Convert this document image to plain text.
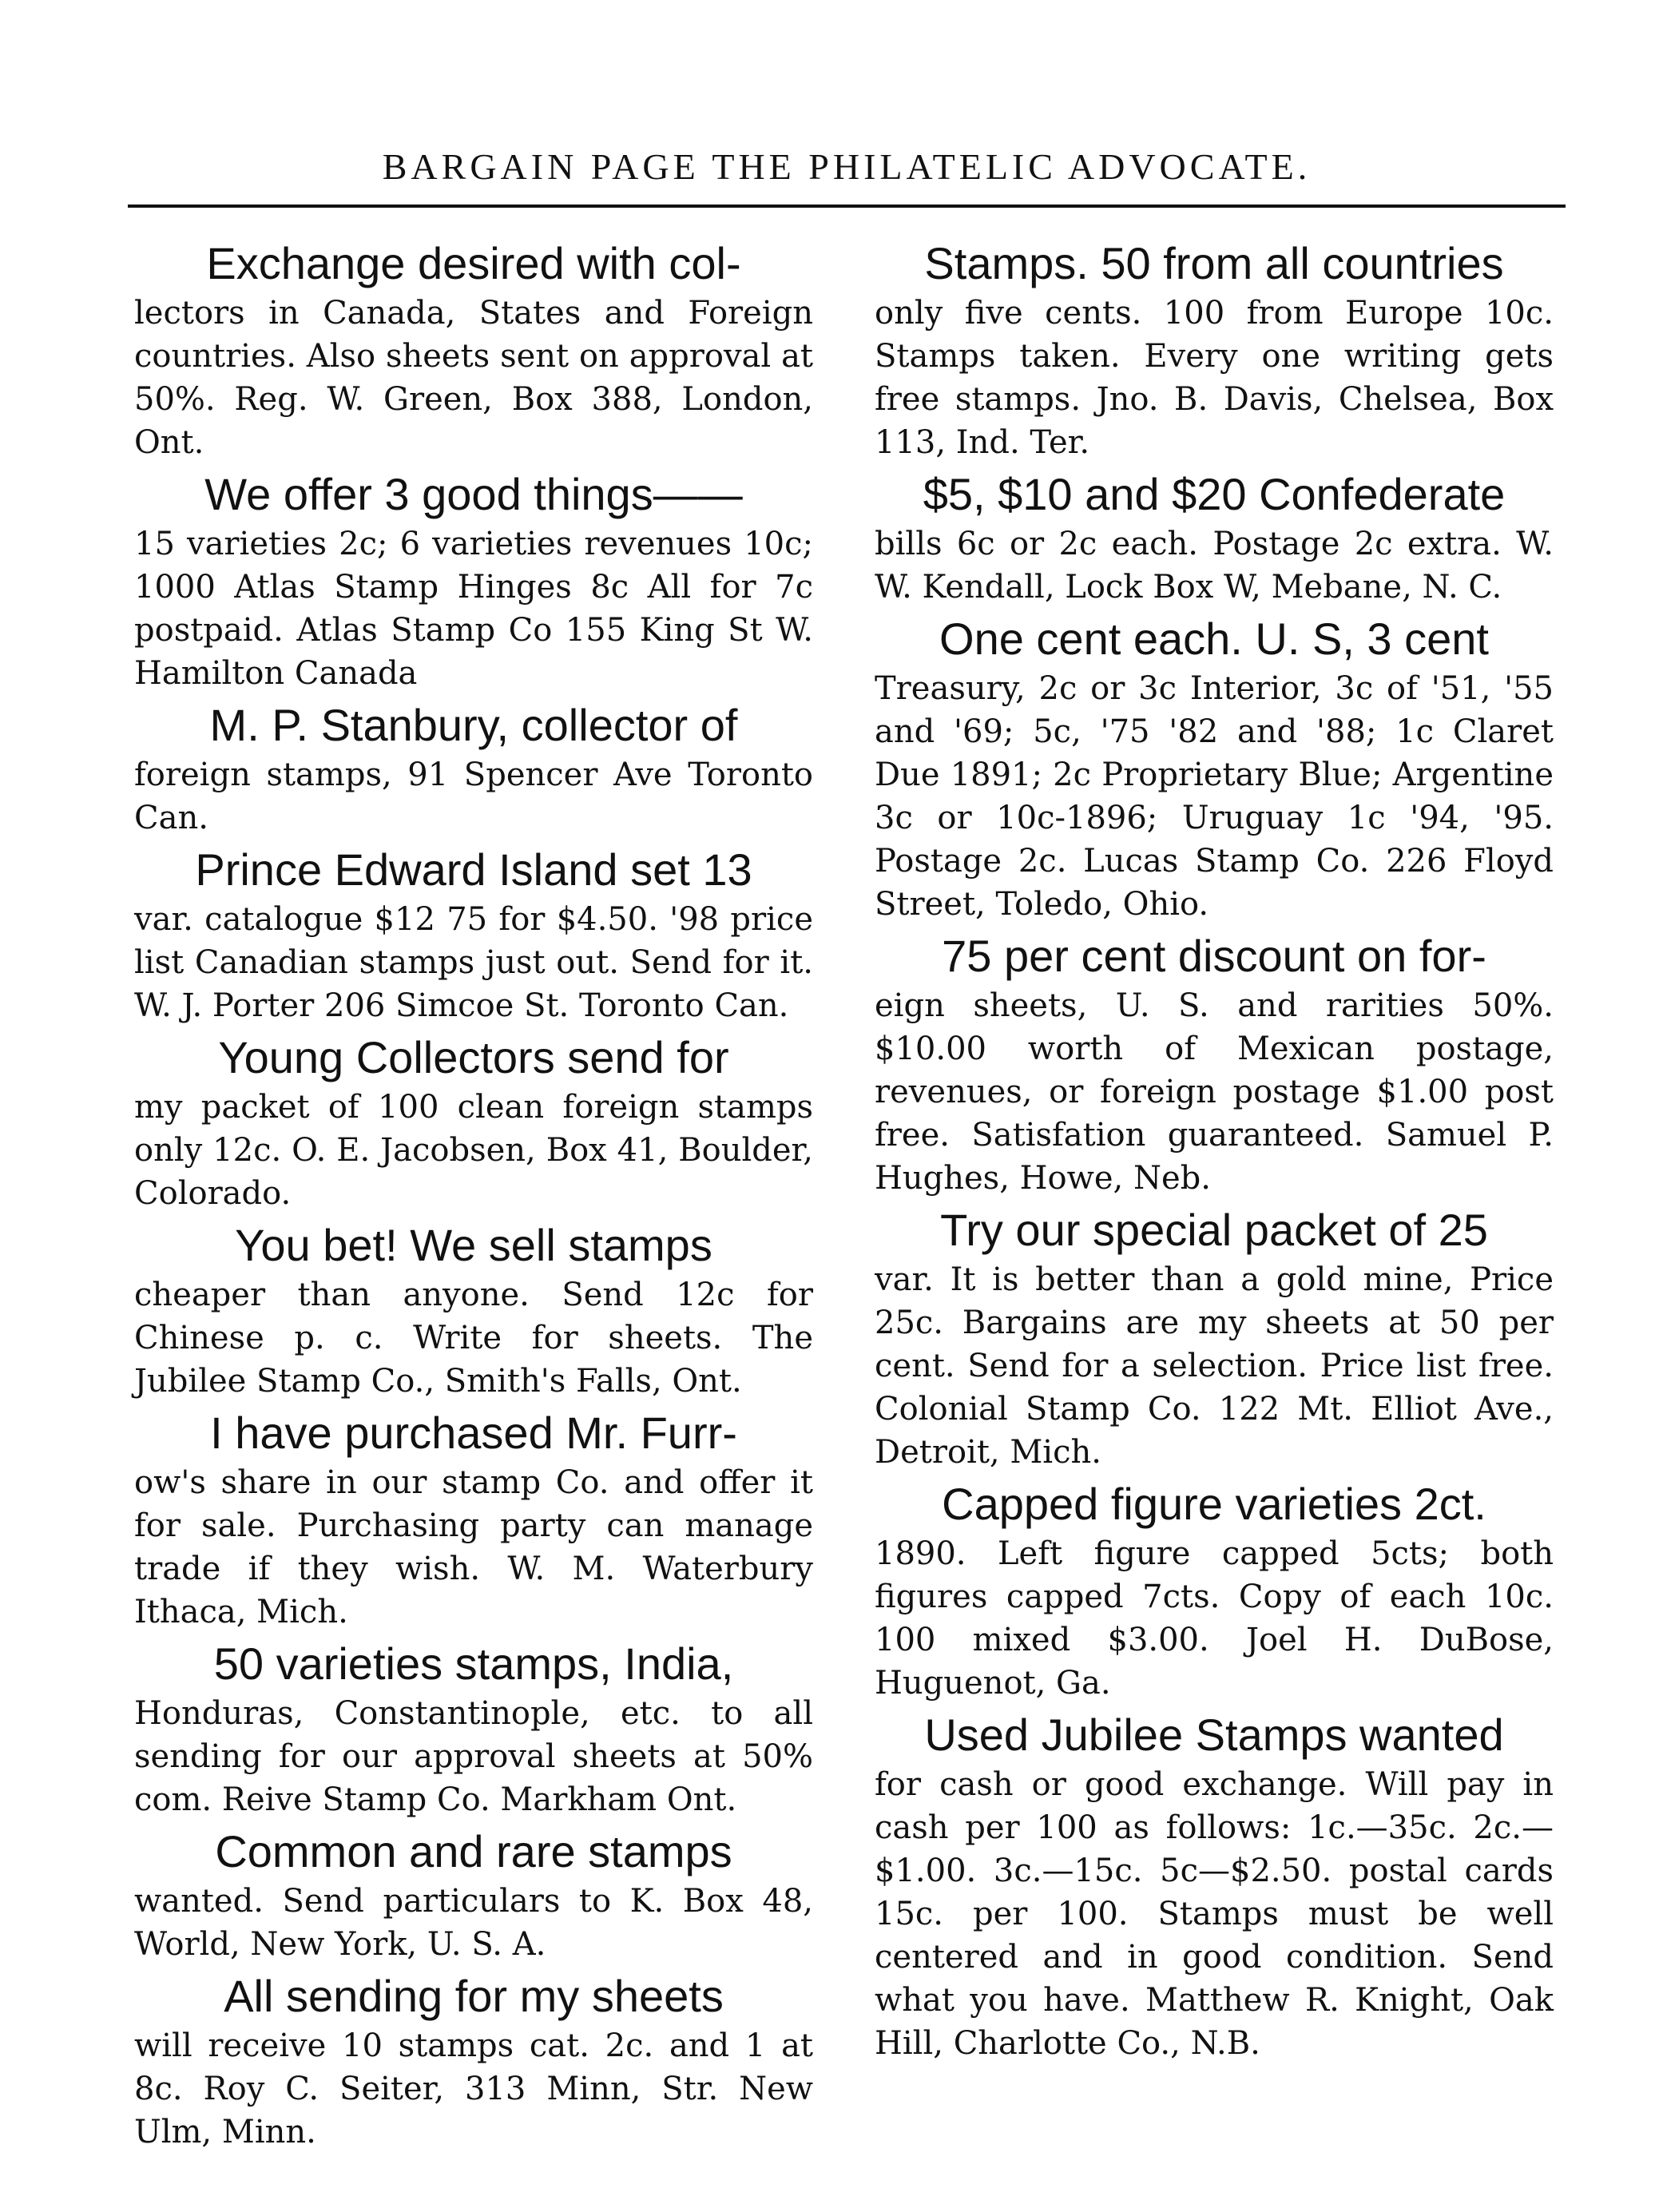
BARGAIN PAGE THE PHILATELIC ADVOCATE.
Exchange desired with col-

lectors in Canada, States and Foreign countries. Also sheets sent on approval at 50%. Reg. W. Green, Box 388, London, Ont.

We offer 3 good things——

15 varieties 2c; 6 varieties revenues 10c; 1000 Atlas Stamp Hinges 8c All for 7c postpaid. Atlas Stamp Co 155 King St W. Hamilton Canada

M. P. Stanbury, collector of

foreign stamps, 91 Spencer Ave Toronto Can.

Prince Edward Island set 13

var. catalogue $12 75 for $4.50. '98 price list Canadian stamps just out. Send for it. W. J. Porter 206 Simcoe St. Toronto Can.

Young Collectors send for

my packet of 100 clean foreign stamps only 12c. O. E. Jacobsen, Box 41, Boulder, Colorado.

You bet! We sell stamps

cheaper than anyone. Send 12c for Chinese p. c. Write for sheets. The Jubilee Stamp Co., Smith's Falls, Ont.

I have purchased Mr. Furr-

ow's share in our stamp Co. and offer it for sale. Purchasing party can manage trade if they wish. W. M. Waterbury Ithaca, Mich.

50 varieties stamps, India,

Honduras, Constantinople, etc. to all sending for our approval sheets at 50% com. Reive Stamp Co. Markham Ont.

Common and rare stamps

wanted. Send particulars to K. Box 48, World, New York, U. S. A.

All sending for my sheets

will receive 10 stamps cat. 2c. and 1 at 8c. Roy C. Seiter, 313 Minn, Str. New Ulm, Minn.

Stamps. 50 from all countries

only five cents. 100 from Europe 10c. Stamps taken. Every one writing gets free stamps. Jno. B. Davis, Chelsea, Box 113, Ind. Ter.

$5, $10 and $20 Confederate

bills 6c or 2c each. Postage 2c extra. W. W. Kendall, Lock Box W, Mebane, N. C.

One cent each. U. S, 3 cent

Treasury, 2c or 3c Interior, 3c of '51, '55 and '69; 5c, '75 '82 and '88; 1c Claret Due 1891; 2c Proprietary Blue; Argentine 3c or 10c-1896; Uruguay 1c '94, '95. Postage 2c. Lucas Stamp Co. 226 Floyd Street, Toledo, Ohio.

75 per cent discount on for-

eign sheets, U. S. and rarities 50%. $10.00 worth of Mexican postage, revenues, or foreign postage $1.00 post free. Satisfation guaranteed. Samuel P. Hughes, Howe, Neb.

Try our special packet of 25

var. It is better than a gold mine, Price 25c. Bargains are my sheets at 50 per cent. Send for a selection. Price list free. Colonial Stamp Co. 122 Mt. Elliot Ave., Detroit, Mich.

Capped figure varieties 2ct.

1890. Left figure capped 5cts; both figures capped 7cts. Copy of each 10c. 100 mixed $3.00. Joel H. DuBose, Huguenot, Ga.

Used Jubilee Stamps wanted

for cash or good exchange. Will pay in cash per 100 as follows: 1c.—35c. 2c.—$1.00. 3c.—15c. 5c—$2.50. postal cards 15c. per 100. Stamps must be well centered and in good condition. Send what you have. Matthew R. Knight, Oak Hill, Charlotte Co., N.B.
